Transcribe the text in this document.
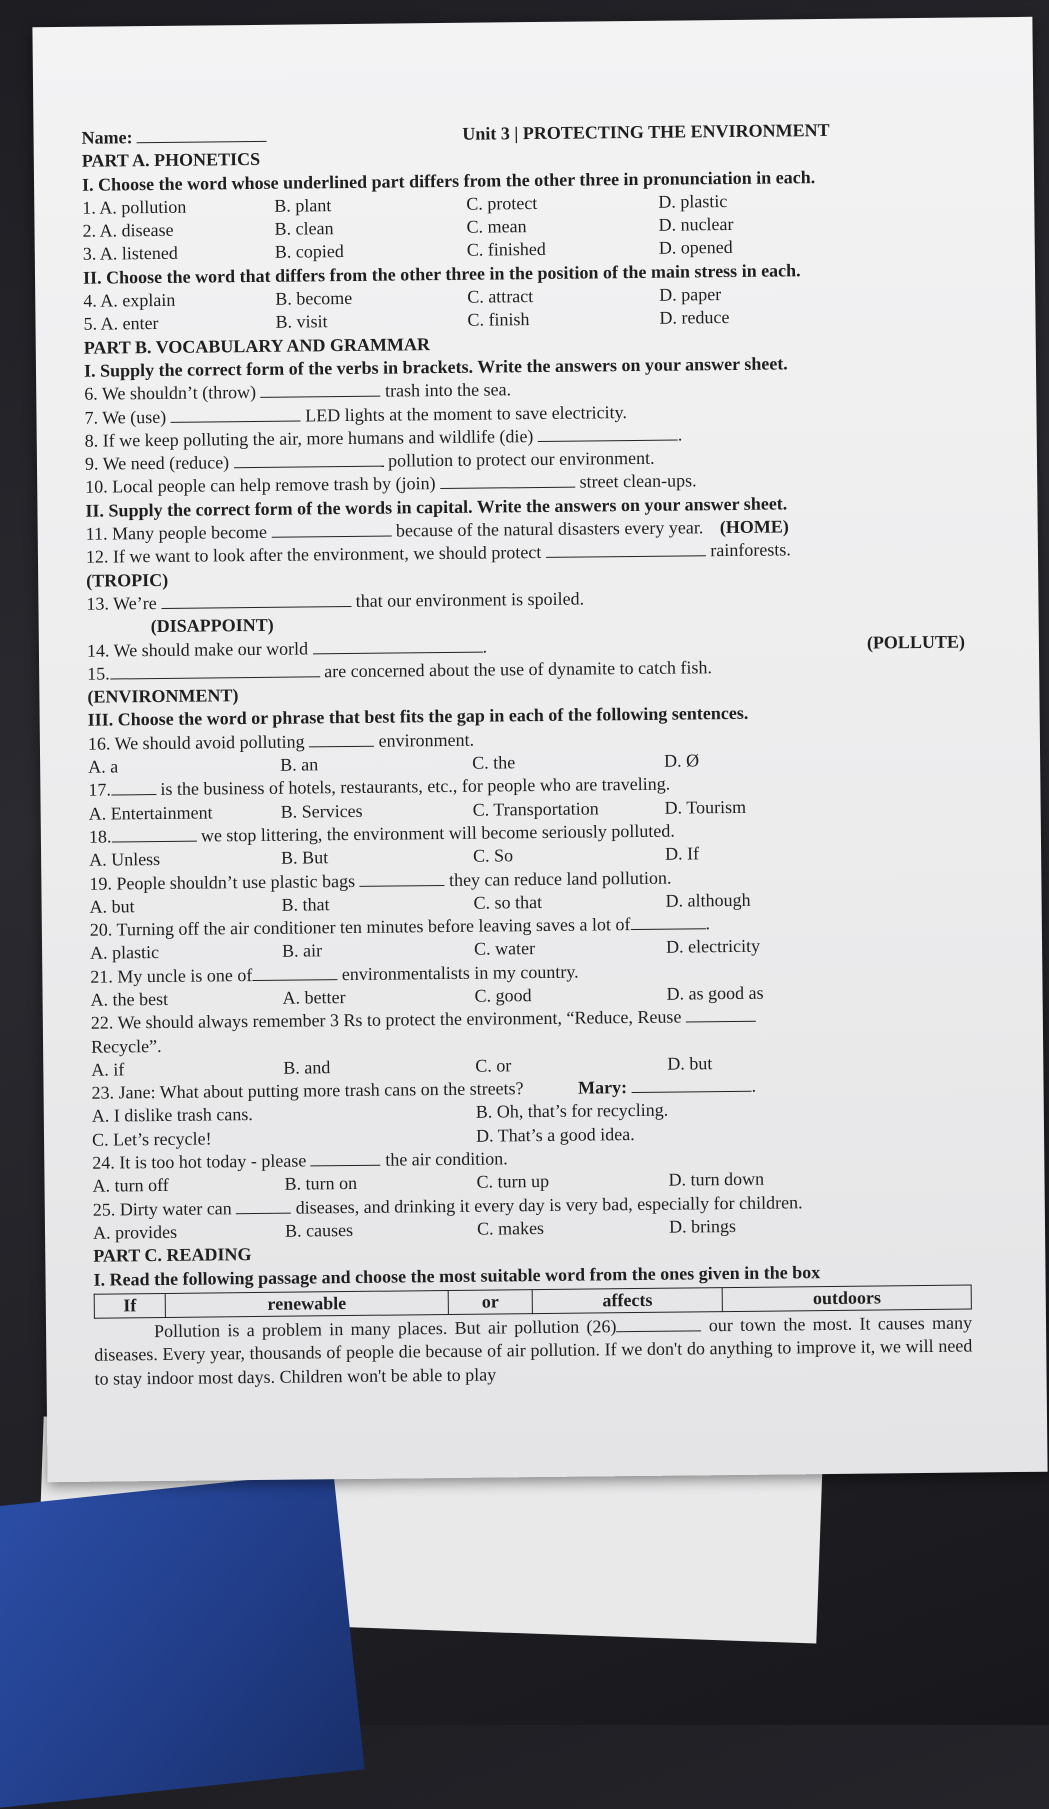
Name:	Unit 3 | PROTECTING THE ENVIRONMENT
PART A. PHONETICS
I. Choose the word whose underlined part differs from the other three in pronunciation in each.
1. A. pollution	B. plant	C. protect	D. plastic
2. A. disease	B. clean	C. mean	D. nuclear
3. A. listened	B. copied	C. finished	D. opened
II. Choose the word that differs from the other three in the position of the main stress in each.
4. A. explain	B. become	C. attract	D. paper
5. A. enter	B. visit	C. finish	D. reduce
PART B. VOCABULARY AND GRAMMAR
I. Supply the correct form of the verbs in brackets. Write the answers on your answer sheet.
6. We shouldn’t (throw)	trash into the sea.
7. We (use)	LED lights at the moment to save electricity.
8. If we keep polluting the air, more humans and wildlife (die)	.
9. We need (reduce)	pollution to protect our environment.
10. Local people can help remove trash by (join)	street clean-ups.
II. Supply the correct form of the words in capital. Write the answers on your answer sheet.
11. Many people become	because of the natural disasters every year. (HOME)
12. If we want to look after the environment, we should protect	rainforests.
(TROPIC)
13. We’re	that our environment is spoiled.
(DISAPPOINT)
14. We should make our world	.	(POLLUTE)
15.	are concerned about the use of dynamite to catch fish.
(ENVIRONMENT)
III. Choose the word or phrase that best fits the gap in each of the following sentences.
16. We should avoid polluting	environment.
A. a	B. an	C. the	D. Ø
17.	is the business of hotels, restaurants, etc., for people who are traveling.
A. Entertainment	B. Services	C. Transportation	D. Tourism
18.	we stop littering, the environment will become seriously polluted.
A. Unless	B. But	C. So	D. If
19. People shouldn’t use plastic bags	they can reduce land pollution.
A. but	B. that	C. so that	D. although
20. Turning off the air conditioner ten minutes before leaving saves a lot of	.
A. plastic	B. air	C. water	D. electricity
21. My uncle is one of	environmentalists in my country.
A. the best	A. better	C. good	D. as good as
22. We should always remember 3 Rs to protect the environment, “Reduce, Reuse
Recycle”.
A. if	B. and	C. or	D. but
23. Jane: What about putting more trash cans on the streets?	Mary:	.
A. I dislike trash cans.	B. Oh, that’s for recycling.
C. Let’s recycle!	D. That’s a good idea.
24. It is too hot today - please	the air condition.
A. turn off	B. turn on	C. turn up	D. turn down
25. Dirty water can	diseases, and drinking it every day is very bad, especially for children.
A. provides	B. causes	C. makes	D. brings
PART C. READING
I. Read the following passage and choose the most suitable word from the ones given in the box
If	renewable	or	affects	outdoors
Pollution is a problem in many places. But air pollution (26)	our town the most. It causes many diseases. Every year, thousands of people die because of air pollution. If we don't do anything to improve it, we will need to stay indoor most days. Children won't be able to play
